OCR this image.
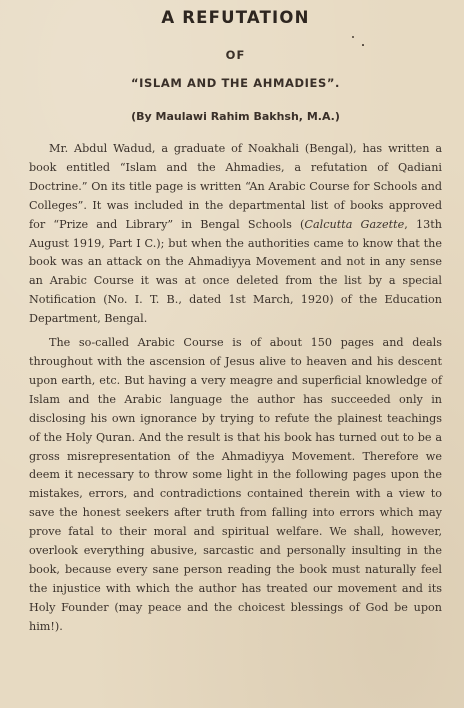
A REFUTATION
OF
“ISLAM AND THE AHMADIES”.
(By Maulawi Rahim Bakhsh, M.A.)

Mr. Abdul Wadud, a graduate of Noakhali (Bengal), has written a book entitled “Islam and the Ahmadies, a refutation of Qadiani Doctrine.” On its title page is written “An Arabic Course for Schools and Colleges”. It was included in the departmental list of books approved for “Prize and Library” in Bengal Schools (Calcutta Gazette, 13th August 1919, Part I C.); but when the authorities came to know that the book was an attack on the Ahmadiyya Movement and not in any sense an Arabic Course it was at once deleted from the list by a special Notification (No. I. T. B., dated 1st March, 1920) of the Education Department, Bengal.

The so-called Arabic Course is of about 150 pages and deals throughout with the ascension of Jesus alive to heaven and his descent upon earth, etc. But having a very meagre and superficial knowledge of Islam and the Arabic language the author has succeeded only in disclosing his own ignorance by trying to refute the plainest teachings of the Holy Quran. And the result is that his book has turned out to be a gross misrepresentation of the Ahmadiyya Movement. Therefore we deem it necessary to throw some light in the following pages upon the mistakes, errors, and contradictions contained therein with a view to save the honest seekers after truth from falling into errors which may prove fatal to their moral and spiritual welfare. We shall, however, overlook everything abusive, sarcastic and personally insulting in the book, because every sane person reading the book must naturally feel the injustice with which the author has treated our movement and its Holy Founder (may peace and the choicest blessings of God be upon him!).
